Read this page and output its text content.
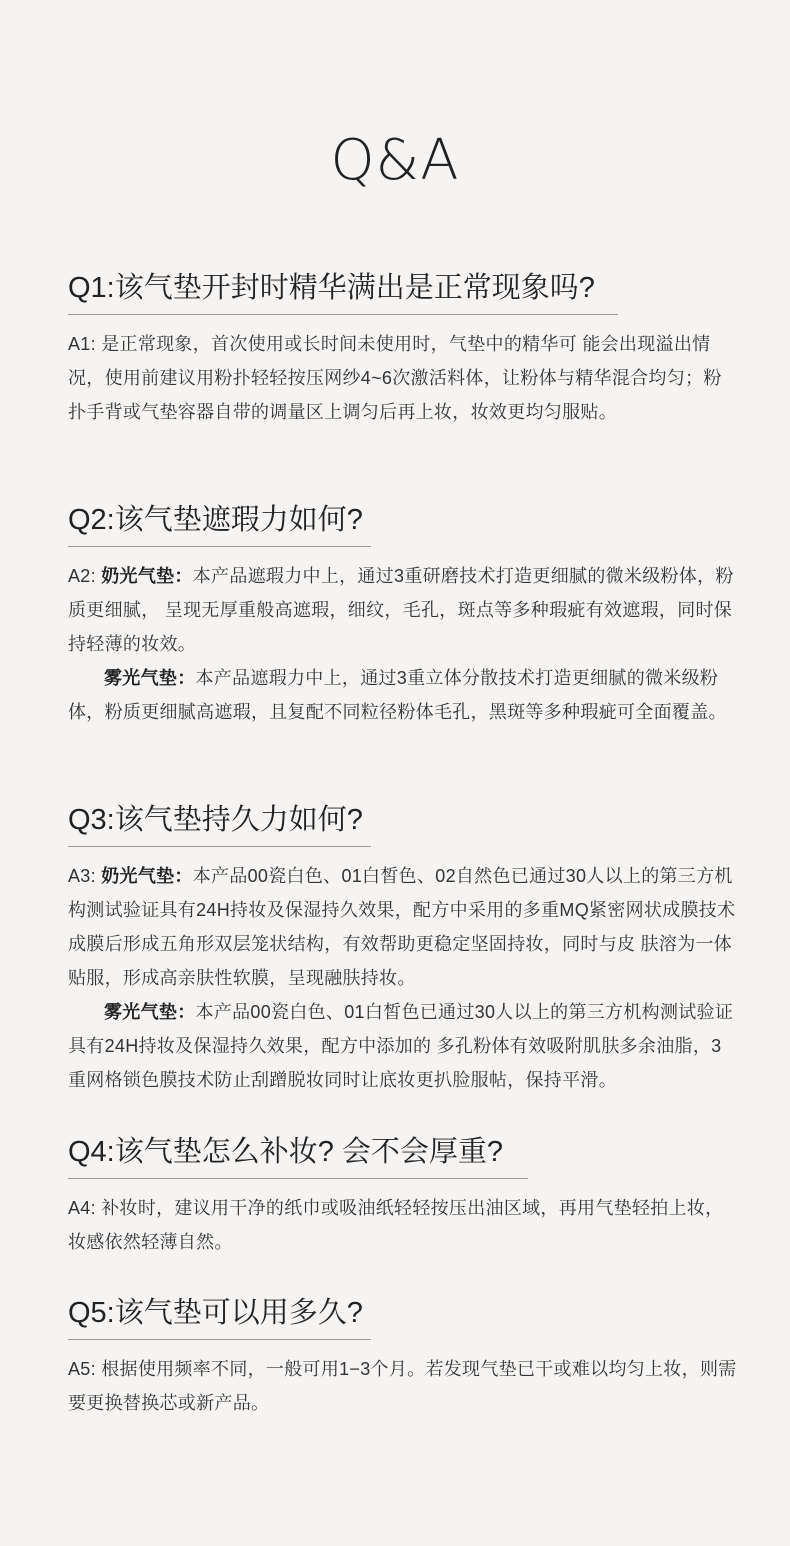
Q&A
Q1:该气垫开封时精华满出是正常现象吗?

A1: 是正常现象，首次使用或长时间未使用时，气垫中的精华可 能会出现溢出情况，使用前建议用粉扑轻轻按压网纱4~6次激活料体，让粉体与精华混合均匀；粉扑手背或气垫容器自带的调量区上调匀后再上妆，妆效更均匀服贴。

Q2:该气垫遮瑕力如何?

A2: 奶光气垫：本产品遮瑕力中上，通过3重研磨技术打造更细腻的微米级粉体，粉质更细腻， 呈现无厚重般高遮瑕，细纹，毛孔，斑点等多种瑕疵有效遮瑕，同时保持轻薄的妆效。

雾光气垫：本产品遮瑕力中上，通过3重立体分散技术打造更细腻的微米级粉体，粉质更细腻高遮瑕，且复配不同粒径粉体毛孔，黑斑等多种瑕疵可全面覆盖。

Q3:该气垫持久力如何?

A3: 奶光气垫：本产品00瓷白色、01白皙色、02自然色已通过30人以上的第三方机构测试验证具有24H持妆及保湿持久效果，配方中采用的多重MQ紧密网状成膜技术成膜后形成五角形双层笼状结构，有效帮助更稳定坚固持妆，同时与皮 肤溶为一体贴服，形成高亲肤性软膜，呈现融肤持妆。

雾光气垫：本产品00瓷白色、01白皙色已通过30人以上的第三方机构测试验证具有24H持妆及保湿持久效果，配方中添加的 多孔粉体有效吸附肌肤多余油脂，3重网格锁色膜技术防止刮蹭脱妆同时让底妆更扒脸服帖，保持平滑。

Q4:该气垫怎么补妆? 会不会厚重?

A4: 补妆时，建议用干净的纸巾或吸油纸轻轻按压出油区域，再用气垫轻拍上妆，妆感依然轻薄自然。

Q5:该气垫可以用多久?

A5: 根据使用频率不同，一般可用1−3个月。若发现气垫已干或难以均匀上妆，则需要更换替换芯或新产品。
